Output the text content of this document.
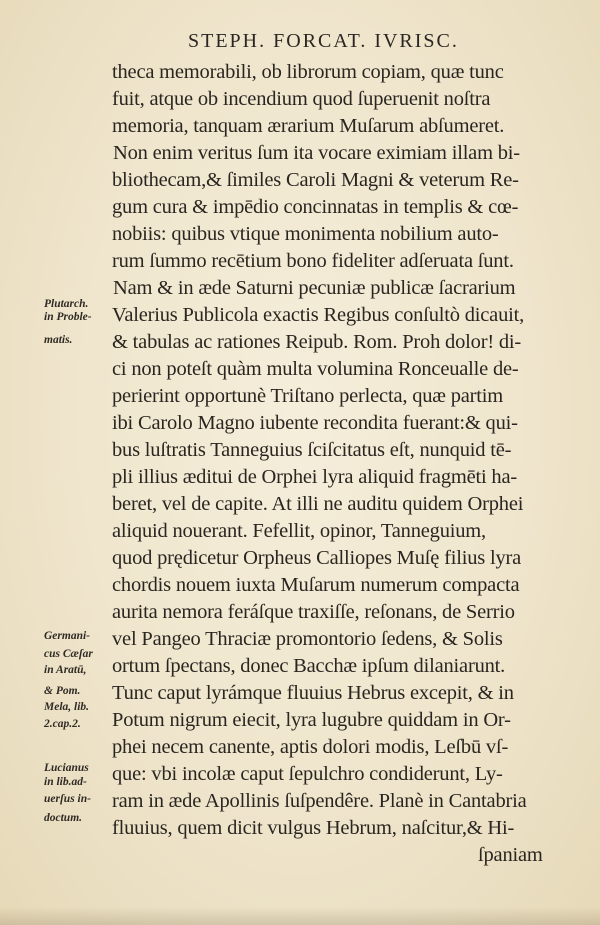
STEPH. FORCAT. IVRISC.
theca memorabili, ob librorum copiam, quæ tunc
fuit, atque ob incendium quod ſuperuenit noſtra
memoria, tanquam ærarium Muſarum abſumeret.
Non enim veritus ſum ita vocare eximiam illam bi-
bliothecam,& ſimiles Caroli Magni & veterum Re-
gum cura & impēdio concinnatas in templis & cœ-
nobiis: quibus vtique monimenta nobilium auto-
rum ſummo recētium bono fideliter adſeruata ſunt.
Nam & in æde Saturni pecuniæ publicæ ſacrarium
Valerius Publicola exactis Regibus conſultò dicauit,
& tabulas ac rationes Reipub. Rom. Proh dolor! di-
ci non poteſt quàm multa volumina Ronceualle de-
perierint opportunè Triſtano perlecta, quæ partim
ibi Carolo Magno iubente recondita fuerant:& qui-
bus luſtratis Tanneguius ſciſcitatus eſt, nunquid tē-
pli illius æditui de Orphei lyra aliquid fragmēti ha-
beret, vel de capite. At illi ne auditu quidem Orphei
aliquid nouerant. Fefellit, opinor, Tanneguium,
quod prędicetur Orpheus Calliopes Muſę filius lyra
chordis nouem iuxta Muſarum numerum compacta
aurita nemora feráſque traxiſſe, reſonans, de Serrio
vel Pangeo Thraciæ promontorio ſedens, & Solis
ortum ſpectans, donec Bacchæ ipſum dilaniarunt.
Tunc caput lyrámque fluuius Hebrus excepit, & in
Potum nigrum eiecit, lyra lugubre quiddam in Or-
phei necem canente, aptis dolori modis, Leſbū vſ-
que: vbi incolæ caput ſepulchro condiderunt, Ly-
ram in æde Apollinis ſuſpendêre. Planè in Cantabria
fluuius, quem dicit vulgus Hebrum, naſcitur,& Hi-
ſpaniam
Plutarch.
in Proble-
matis.
Germani-
cus Cæſar
in Aratū,
& Pom.
Mela, lib.
2.cap.2.
Lucianus
in lib.ad-
uerſus in-
doctum.
